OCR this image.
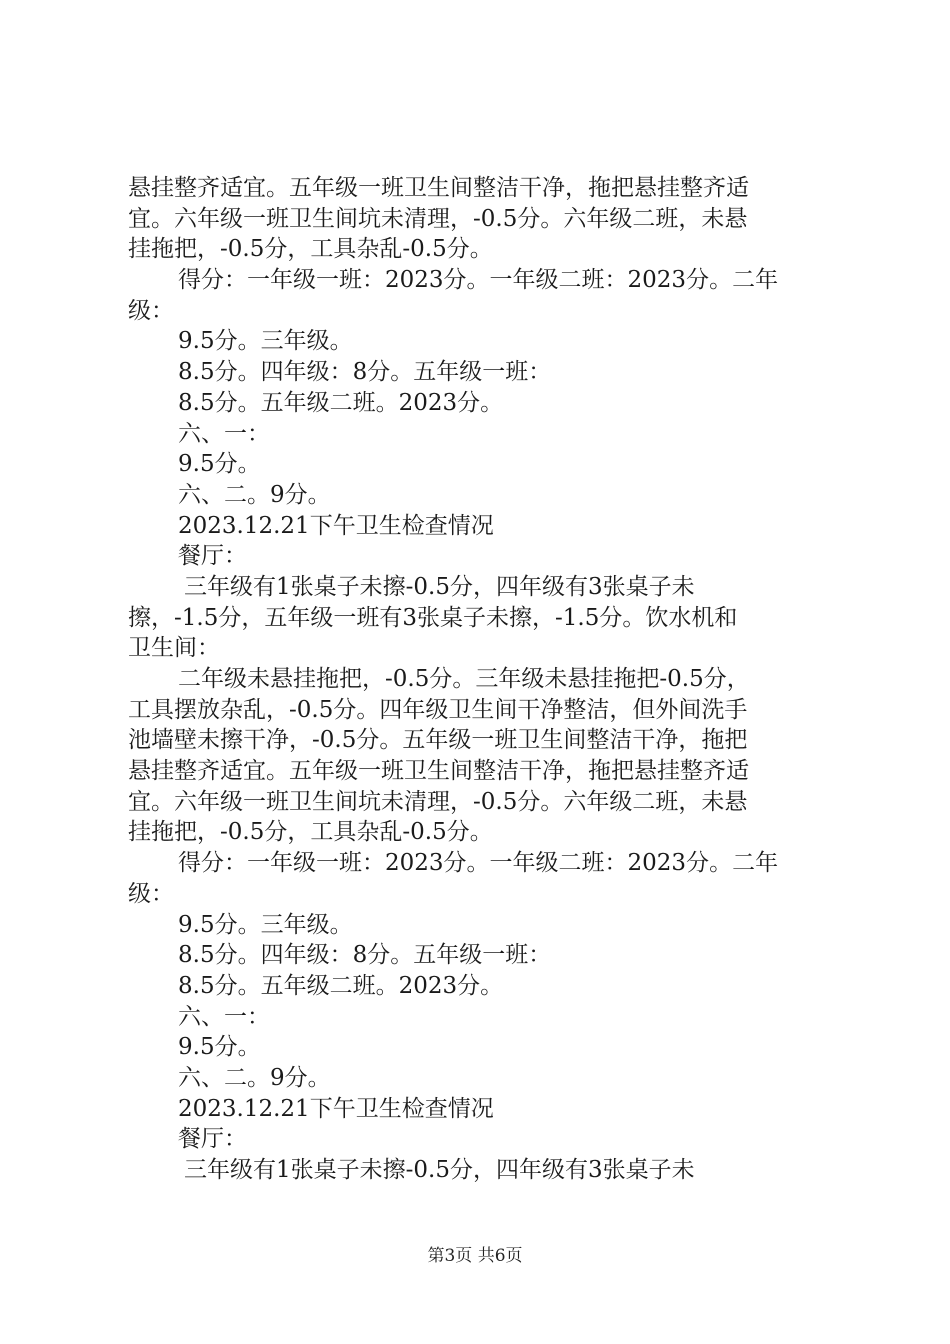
悬挂整齐适宜。五年级一班卫生间整洁干净，拖把悬挂整齐适
宜。六年级一班卫生间坑未清理，-0.5分。六年级二班，未悬
挂拖把，-0.5分，工具杂乱-0.5分。
得分：一年级一班：2023分。一年级二班：2023分。二年
级：
9.5分。三年级。
8.5分。四年级：8分。五年级一班：
8.5分。五年级二班。2023分。
六、一：
9.5分。
六、二。9分。
2023.12.21下午卫生检查情况
餐厅：
三年级有1张桌子未擦-0.5分，四年级有3张桌子未
擦，-1.5分，五年级一班有3张桌子未擦，-1.5分。饮水机和
卫生间：
二年级未悬挂拖把，-0.5分。三年级未悬挂拖把-0.5分，
工具摆放杂乱，-0.5分。四年级卫生间干净整洁，但外间洗手
池墙壁未擦干净，-0.5分。五年级一班卫生间整洁干净，拖把
悬挂整齐适宜。五年级一班卫生间整洁干净，拖把悬挂整齐适
宜。六年级一班卫生间坑未清理，-0.5分。六年级二班，未悬
挂拖把，-0.5分，工具杂乱-0.5分。
得分：一年级一班：2023分。一年级二班：2023分。二年
级：
9.5分。三年级。
8.5分。四年级：8分。五年级一班：
8.5分。五年级二班。2023分。
六、一：
9.5分。
六、二。9分。
2023.12.21下午卫生检查情况
餐厅：
三年级有1张桌子未擦-0.5分，四年级有3张桌子未
第3页 共6页
